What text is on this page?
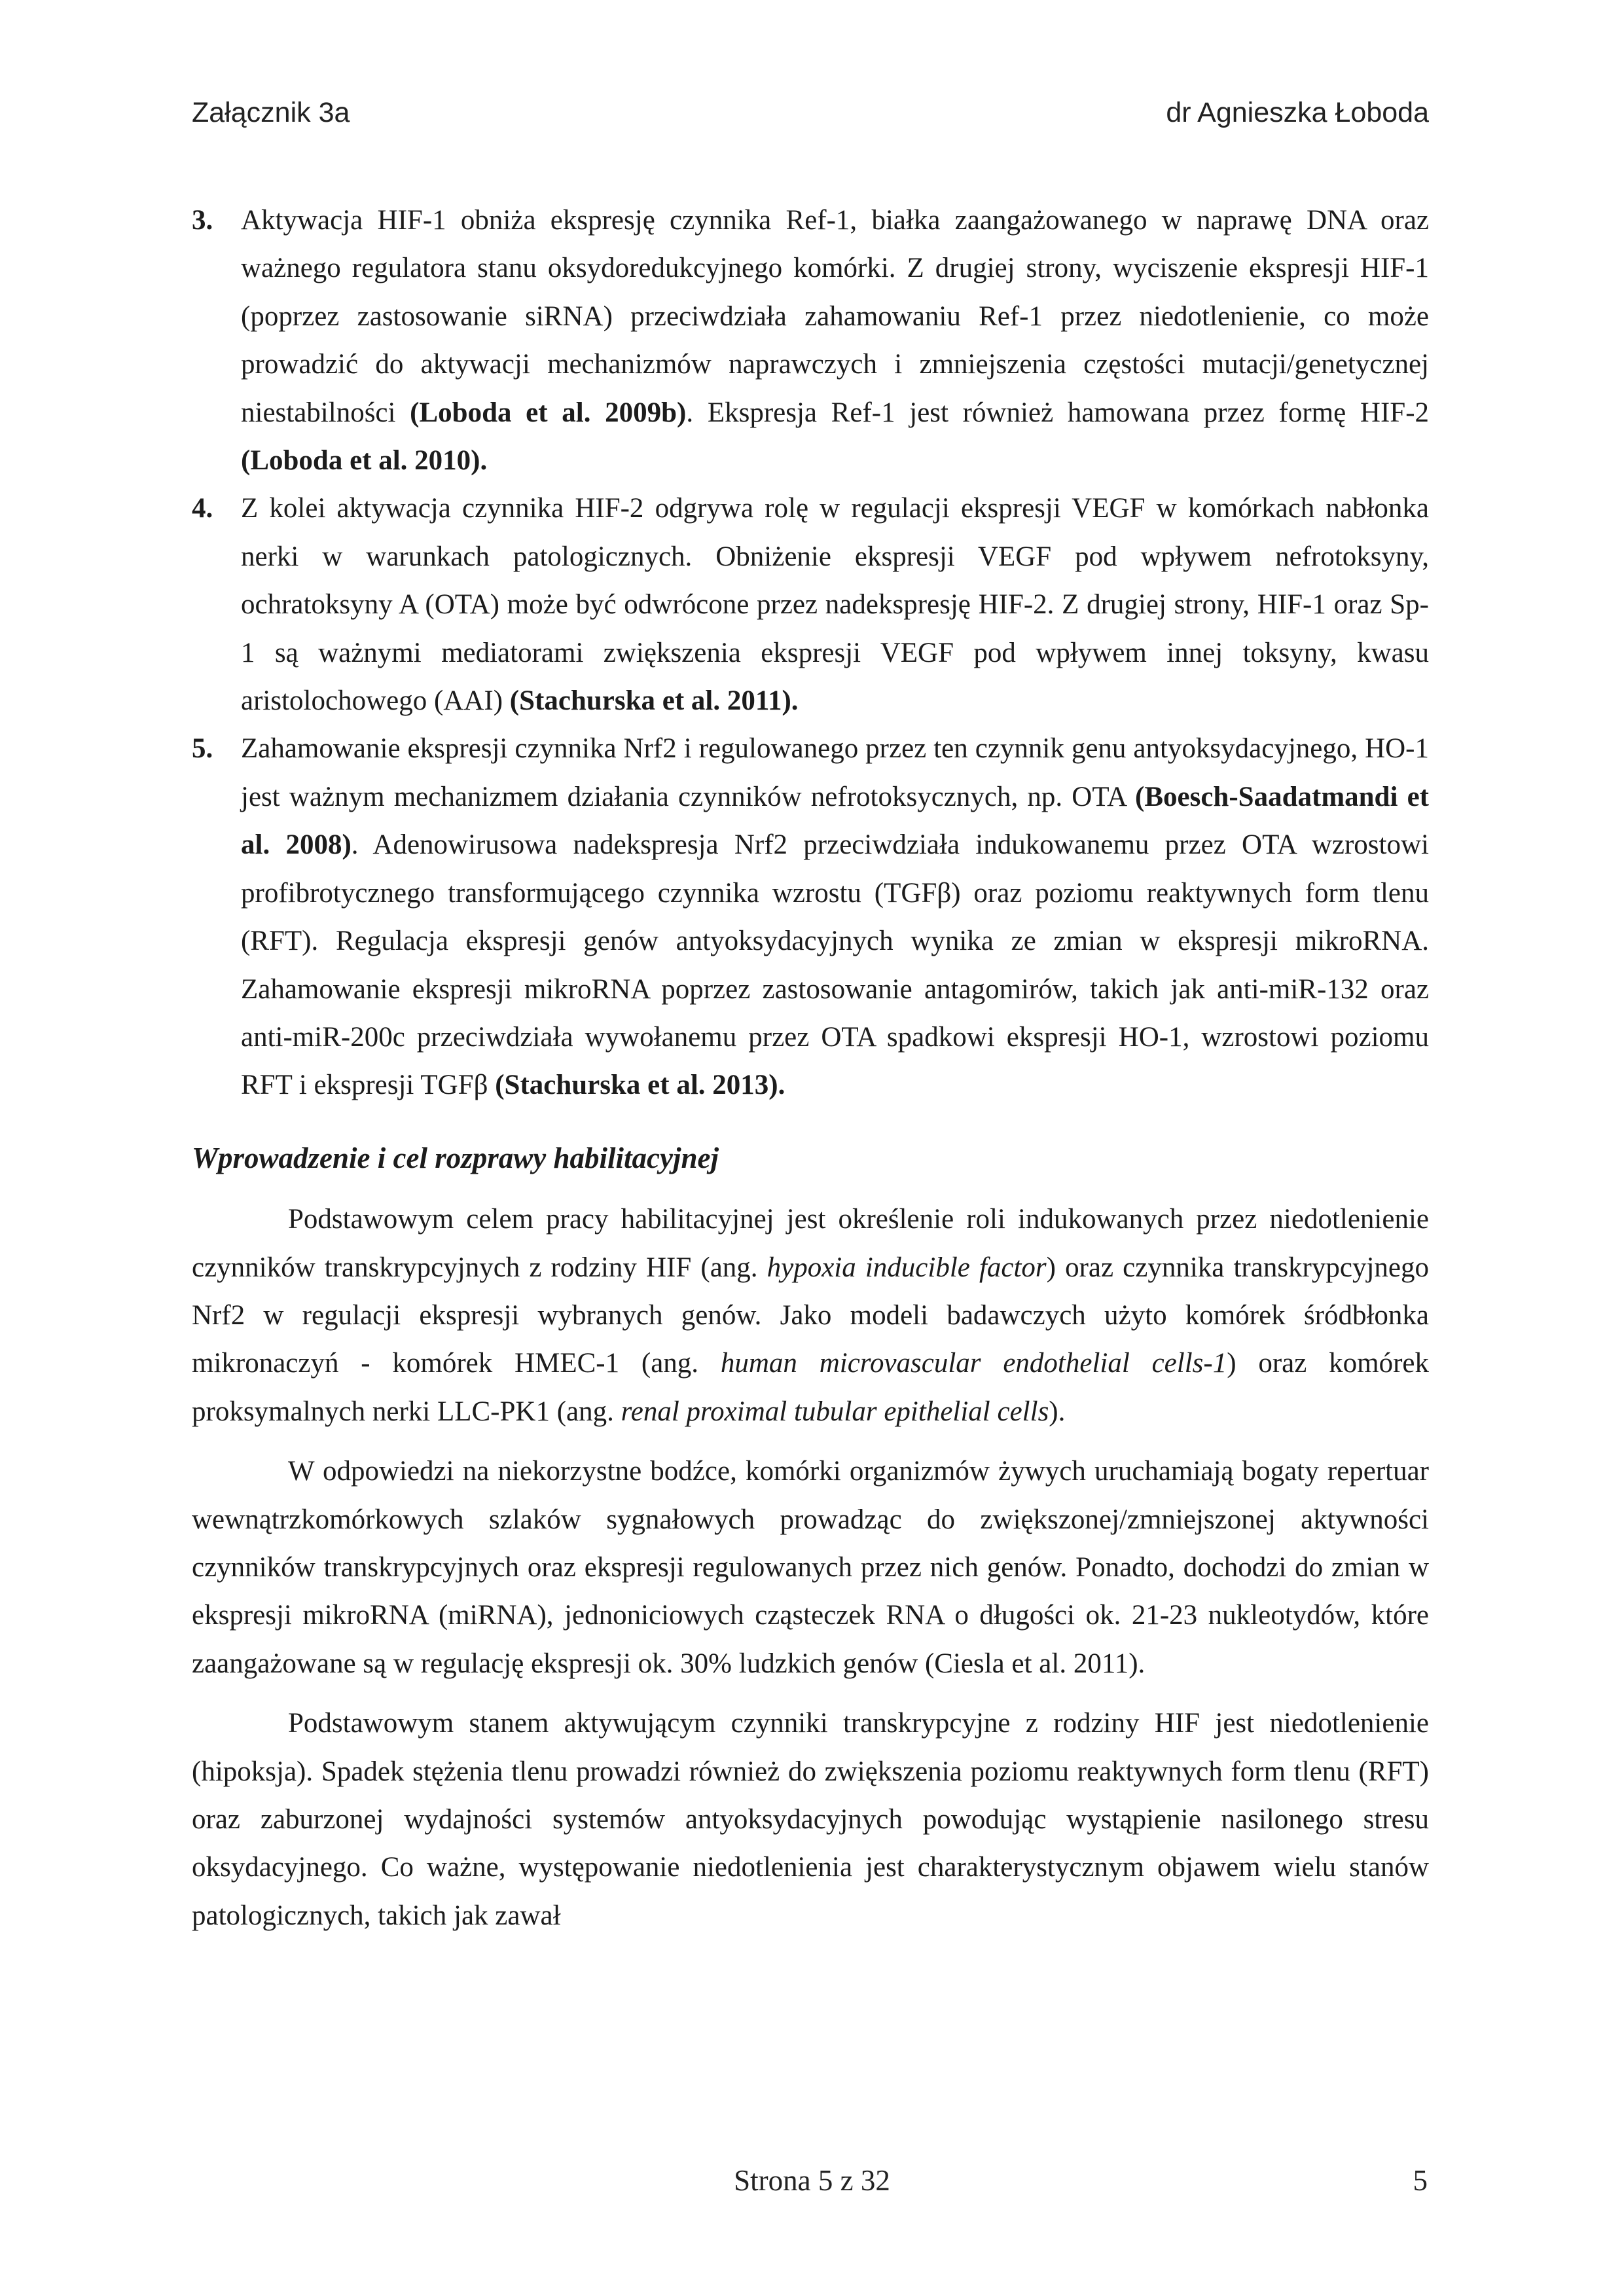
Załącznik 3a	dr Agnieszka Łoboda
3. Aktywacja HIF-1 obniża ekspresję czynnika Ref-1, białka zaangażowanego w naprawę DNA oraz ważnego regulatora stanu oksydoredukcyjnego komórki. Z drugiej strony, wyciszenie ekspresji HIF-1 (poprzez zastosowanie siRNA) przeciwdziała zahamowaniu Ref-1 przez niedotlenienie, co może prowadzić do aktywacji mechanizmów naprawczych i zmniejszenia częstości mutacji/genetycznej niestabilności (Loboda et al. 2009b). Ekspresja Ref-1 jest również hamowana przez formę HIF-2 (Loboda et al. 2010).
4. Z kolei aktywacja czynnika HIF-2 odgrywa rolę w regulacji ekspresji VEGF w komórkach nabłonka nerki w warunkach patologicznych. Obniżenie ekspresji VEGF pod wpływem nefrotoksyny, ochratoksyny A (OTA) może być odwrócone przez nadekspresję HIF-2. Z drugiej strony, HIF-1 oraz Sp-1 są ważnymi mediatorami zwiększenia ekspresji VEGF pod wpływem innej toksyny, kwasu aristolochowego (AAI) (Stachurska et al. 2011).
5. Zahamowanie ekspresji czynnika Nrf2 i regulowanego przez ten czynnik genu antyoksydacyjnego, HO-1 jest ważnym mechanizmem działania czynników nefrotoksycznych, np. OTA (Boesch-Saadatmandi et al. 2008). Adenowirusowa nadekspresja Nrf2 przeciwdziała indukowanemu przez OTA wzrostowi profibrotycznego transformującego czynnika wzrostu (TGFβ) oraz poziomu reaktywnych form tlenu (RFT). Regulacja ekspresji genów antyoksydacyjnych wynika ze zmian w ekspresji mikroRNA. Zahamowanie ekspresji mikroRNA poprzez zastosowanie antagomirów, takich jak anti-miR-132 oraz anti-miR-200c przeciwdziała wywołanemu przez OTA spadkowi ekspresji HO-1, wzrostowi poziomu RFT i ekspresji TGFβ (Stachurska et al. 2013).
Wprowadzenie i cel rozprawy habilitacyjnej

Podstawowym celem pracy habilitacyjnej jest określenie roli indukowanych przez niedotlenienie czynników transkrypcyjnych z rodziny HIF (ang. hypoxia inducible factor) oraz czynnika transkrypcyjnego Nrf2 w regulacji ekspresji wybranych genów. Jako modeli badawczych użyto komórek śródbłonka mikronaczyń - komórek HMEC-1 (ang. human microvascular endothelial cells-1) oraz komórek proksymalnych nerki LLC-PK1 (ang. renal proximal tubular epithelial cells).

W odpowiedzi na niekorzystne bodźce, komórki organizmów żywych uruchamiają bogaty repertuar wewnątrzkomórkowych szlaków sygnałowych prowadząc do zwiększonej/zmniejszonej aktywności czynników transkrypcyjnych oraz ekspresji regulowanych przez nich genów. Ponadto, dochodzi do zmian w ekspresji mikroRNA (miRNA), jednoniciowych cząsteczek RNA o długości ok. 21-23 nukleotydów, które zaangażowane są w regulację ekspresji ok. 30% ludzkich genów (Ciesla et al. 2011).

Podstawowym stanem aktywującym czynniki transkrypcyjne z rodziny HIF jest niedotlenienie (hipoksja). Spadek stężenia tlenu prowadzi również do zwiększenia poziomu reaktywnych form tlenu (RFT) oraz zaburzonej wydajności systemów antyoksydacyjnych powodując wystąpienie nasilonego stresu oksydacyjnego. Co ważne, występowanie niedotlenienia jest charakterystycznym objawem wielu stanów patologicznych, takich jak zawał

Strona 5 z 32	5
